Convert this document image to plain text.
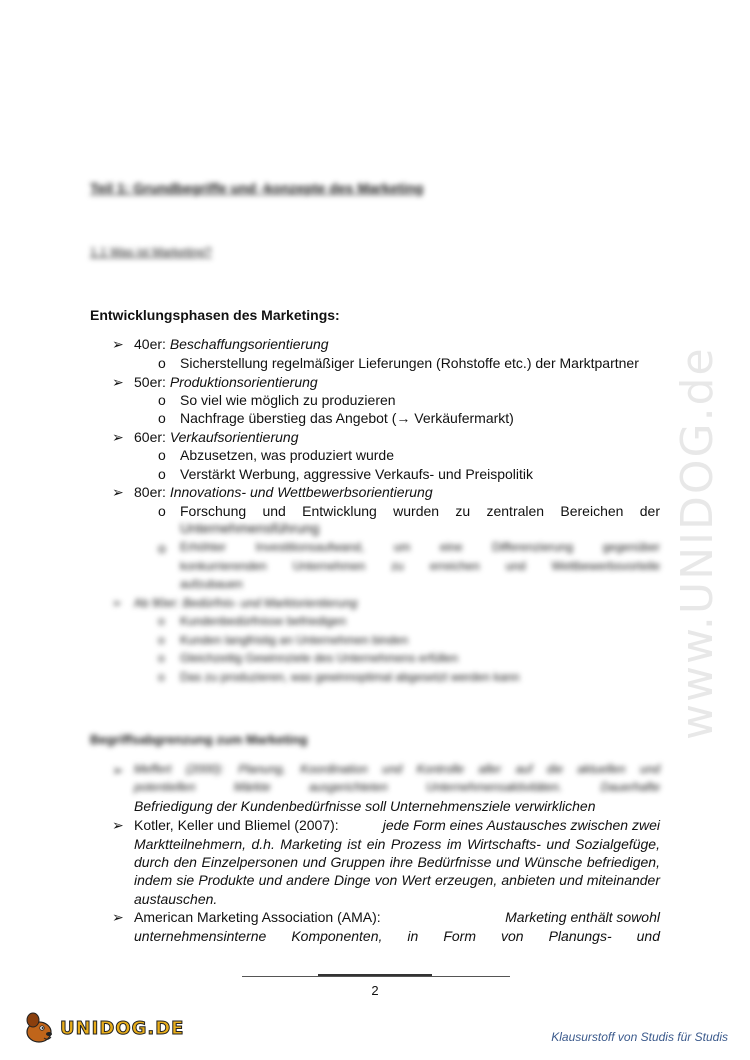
www.UNIDOG.de
Teil 1: Grundbegriffe und -konzepte des Marketing
1.1 Was ist Marketing?
Entwicklungsphasen des Marketings:
➢ 40er: Beschaffungsorientierung
o Sicherstellung regelmäßiger Lieferungen (Rohstoffe etc.) der Marktpartner
➢ 50er: Produktionsorientierung
o So viel wie möglich zu produzieren
o Nachfrage überstieg das Angebot (→ Verkäufermarkt)
➢ 60er: Verkaufsorientierung
o Abzusetzen, was produziert wurde
o Verstärkt Werbung, aggressive Verkaufs- und Preispolitik
➢ 80er: Innovations- und Wettbewerbsorientierung
o	Forschung und Entwicklung wurden zu zentralen Bereichen der
Unternehmensführung
o	Erhöhter Investitionsaufwand, um eine Differenzierung gegenüber
konkurrierenden Unternehmen zu erreichen und Wettbewerbsvorteile
aufzubauen
➢ Ab 90er: Bedürfnis- und Marktorientierung
o Kundenbedürfnisse befriedigen
o Kunden langfristig an Unternehmen binden
o Gleichzeitig Gewinnziele des Unternehmens erfüllen
o Das zu produzieren, was gewinnoptimal abgesetzt werden kann
Begriffsabgrenzung zum Marketing
➢ Meffert (2000): Planung, Koordination und Kontrolle aller auf die aktuellen und
potentiellen Märkte ausgerichteten Unternehmensaktivitäten. Dauerhafte
Befriedigung der Kundenbedürfnisse soll Unternehmensziele verwirklichen
➢ Kotler, Keller und Bliemel (2007):	jede Form eines Austausches zwischen zwei
Marktteilnehmern, d.h. Marketing ist ein Prozess im Wirtschafts- und Sozialgefüge,
durch den Einzelpersonen und Gruppen ihre Bedürfnisse und Wünsche befriedigen,
indem sie Produkte und andere Dinge von Wert erzeugen, anbieten und miteinander
austauschen.
➢ American Marketing Association (AMA):	Marketing enthält sowohl
unternehmensinterne Komponenten, in Form von Planungs- und
2
UNIDOG.DE	Klausurstoff von Studis für Studis
